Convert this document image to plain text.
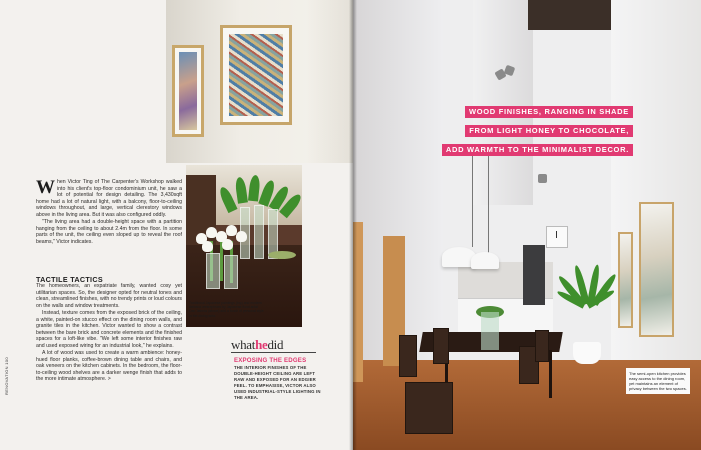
Traditional Japanese paintings (top) and modern Ikebana centrepieces by Japanese floral artist Dan Takeda (above) add a touch of personal style to the dining area.

When Victor Ting of The Carpenter's Workshop walked into his client's top-floor condominium unit, he saw a lot of potential for design detailing. The 3,430sqft home had a lot of natural light, with a balcony, floor-to-ceiling windows throughout, and large, vertical clerestory windows above in the living area. But it was also configured oddly.

"The living area had a double-height space with a partition hanging from the ceiling to about 2.4m from the floor. In some parts of the unit, the ceiling even sloped up to reveal the roof beams," Victor indicates.

TACTILE TACTICS

The homeowners, an expatriate family, wanted cosy yet utilitarian spaces. So, the designer opted for neutral tones and clean, streamlined finishes, with no trendy prints or loud colours on the walls and window treatments.

Instead, texture comes from the exposed brick of the ceiling, a white, painted-on stucco effect on the dining room walls, and granite tiles in the kitchen. Victor wanted to show a contrast between the bare brick and concrete elements and the finished spaces for a loft-like vibe. "We left some interior finishes raw and used exposed wiring for an industrial look," he explains.

A lot of wood was used to create a warm ambience: honey-hued floor planks, coffee-brown dining table and chairs, and oak veneers on the kitchen cabinets. In the bedroom, the floor-to-ceiling wood shelves are a darker wenge finish that adds to the more intimate atmosphere. >

RENOVATION 100
whathedid
EXPOSING THE EDGES
THE INTERIOR FINISHES OF THE DOUBLE-HEIGHT CEILING ARE LEFT RAW AND EXPOSED FOR AN EDGIER FEEL. TO EMPHASISE, VICTOR ALSO USED INDUSTRIAL-STYLE LIGHTING IN THE AREA.
WOOD FINISHES, RANGING IN SHADE
FROM LIGHT HONEY TO CHOCOLATE,
ADD WARMTH TO THE MINIMALIST DECOR.
The semi-open kitchen provides easy access to the dining room, yet maintains an element of privacy between the two spaces.
